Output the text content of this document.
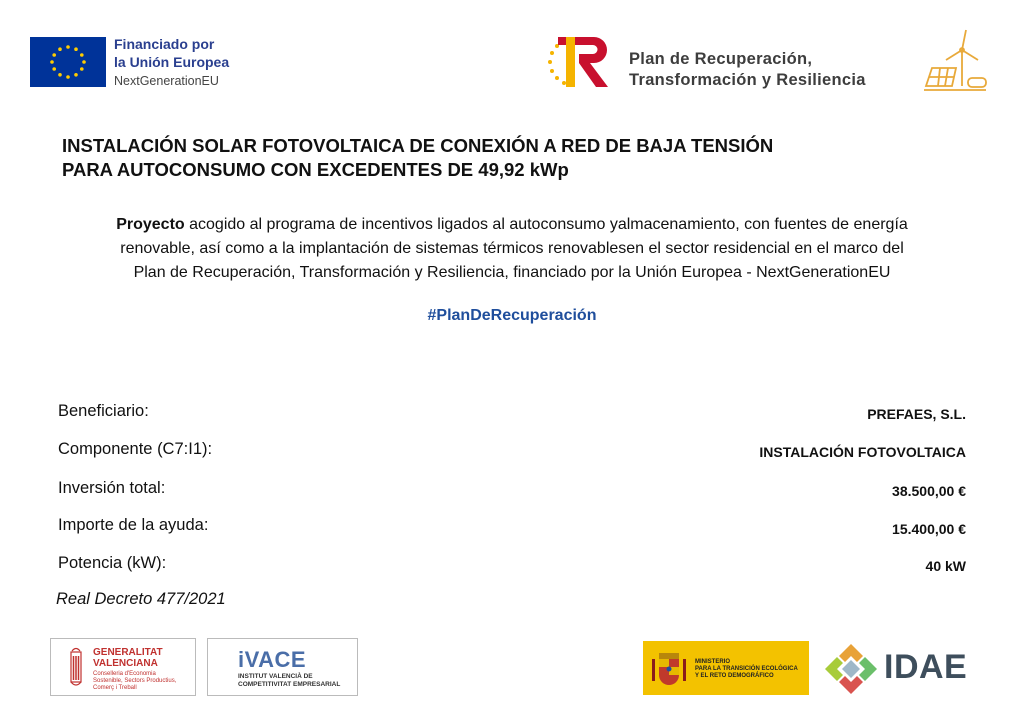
Financiado por
la Unión Europea
NextGenerationEU
Plan de Recuperación,
Transformación y Resiliencia
INSTALACIÓN SOLAR FOTOVOLTAICA DE CONEXIÓN A RED DE BAJA TENSIÓN
PARA AUTOCONSUMO CON EXCEDENTES DE 49,92 kWp
Proyecto acogido al programa de incentivos ligados al autoconsumo yalmacenamiento, con fuentes de energía
renovable, así como a la implantación de sistemas térmicos renovablesen el sector residencial en el marco del
Plan de Recuperación, Transformación y Resiliencia, financiado por la Unión Europea - NextGenerationEU
#PlanDeRecuperación
Beneficiario:	PREFAES, S.L.
Componente (C7:I1):	INSTALACIÓN FOTOVOLTAICA
Inversión total:	38.500,00 €
Importe de la ayuda:	15.400,00 €
Potencia (kW):	40 kW
Real Decreto 477/2021
GENERALITAT
VALENCIANA
Conselleria d'Economia
Sostenible, Sectors Productius,
Comerç i Treball
iVACE
INSTITUT VALENCIÀ DE
COMPETITIVITAT EMPRESARIAL
MINISTERIO
PARA LA TRANSICIÓN ECOLÓGICA
Y EL RETO DEMOGRÁFICO	IDAE
